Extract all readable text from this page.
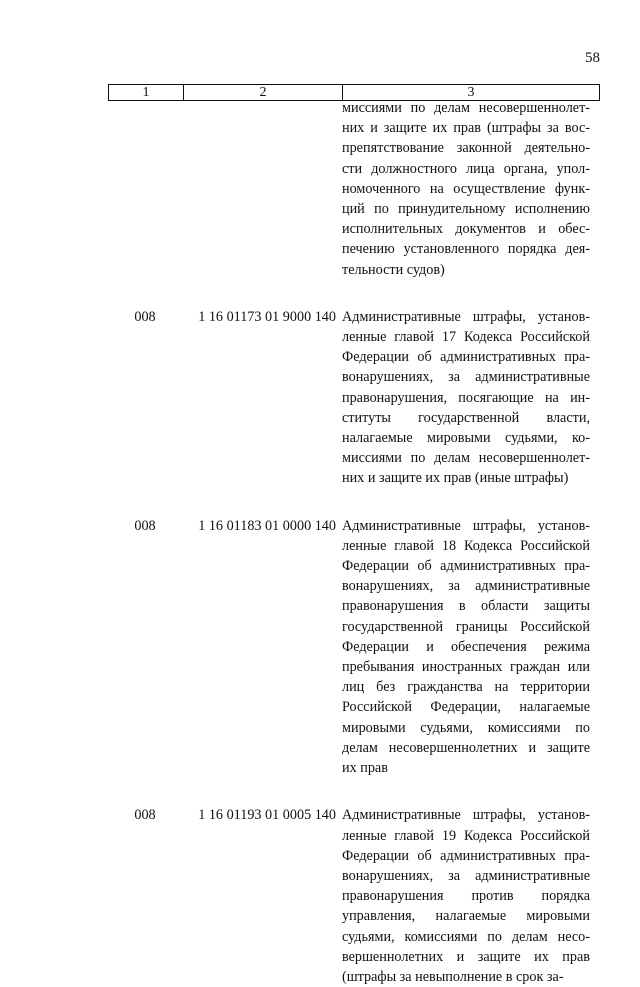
58
1	2	3
миссиями по делам несовершеннолет-
них и защите их прав (штрафы за вос-
препятствование законной деятельно-
сти должностного лица органа, упол-
номоченного на осуществление функ-
ций по принудительному исполнению
исполнительных документов и обес-
печению установленного порядка дея-
тельности судов)
008	1 16 01173 01 9000 140 Административные штрафы, установ-
ленные главой 17 Кодекса Российской
Федерации об административных пра-
вонарушениях, за административные
правонарушения, посягающие на ин-
ституты государственной власти,
налагаемые мировыми судьями, ко-
миссиями по делам несовершеннолет-
них и защите их прав (иные штрафы)
008	1 16 01183 01 0000 140 Административные штрафы, установ-
ленные главой 18 Кодекса Российской
Федерации об административных пра-
вонарушениях, за административные
правонарушения в области защиты
государственной границы Российской
Федерации и обеспечения режима
пребывания иностранных граждан или
лиц без гражданства на территории
Российской Федерации, налагаемые
мировыми судьями, комиссиями по
делам несовершеннолетних и защите
их прав
008	1 16 01193 01 0005 140 Административные штрафы, установ-
ленные главой 19 Кодекса Российской
Федерации об административных пра-
вонарушениях, за административные
правонарушения против порядка
управления, налагаемые мировыми
судьями, комиссиями по делам несо-
вершеннолетних и защите их прав
(штрафы за невыполнение в срок за-
